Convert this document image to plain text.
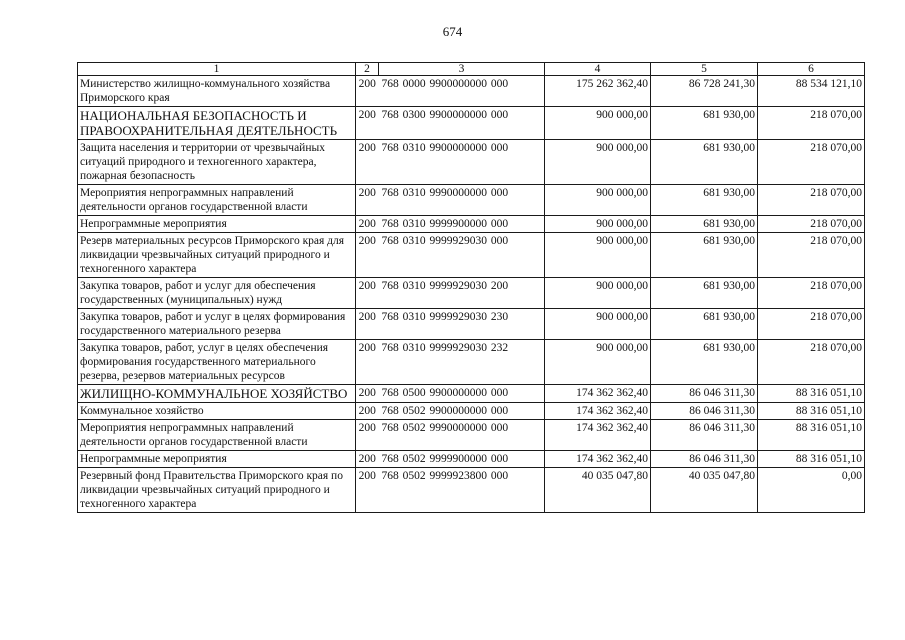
674
1	2	3	4	5	6
Министерство жилищно-коммунального хозяйства Приморского края	200	768 0000 9900000000 000	175 262 362,40	86 728 241,30	88 534 121,10
НАЦИОНАЛЬНАЯ БЕЗОПАСНОСТЬ И ПРАВООХРАНИТЕЛЬНАЯ ДЕЯТЕЛЬНОСТЬ	200	768 0300 9900000000 000	900 000,00	681 930,00	218 070,00
Защита населения и территории от чрезвычайных ситуаций природного и техногенного характера, пожарная безопасность	200	768 0310 9900000000 000	900 000,00	681 930,00	218 070,00
Мероприятия непрограммных направлений деятельности органов государственной власти	200	768 0310 9990000000 000	900 000,00	681 930,00	218 070,00
Непрограммные мероприятия	200	768 0310 9999900000 000	900 000,00	681 930,00	218 070,00
Резерв материальных ресурсов Приморского края для ликвидации чрезвычайных ситуаций природного и техногенного характера	200	768 0310 9999929030 000	900 000,00	681 930,00	218 070,00
Закупка товаров, работ и услуг для обеспечения государственных (муниципальных) нужд	200	768 0310 9999929030 200	900 000,00	681 930,00	218 070,00
Закупка товаров, работ и услуг в целях формирования государственного материального резерва	200	768 0310 9999929030 230	900 000,00	681 930,00	218 070,00
Закупка товаров, работ, услуг в целях обеспечения формирования государственного материального резерва, резервов материальных ресурсов	200	768 0310 9999929030 232	900 000,00	681 930,00	218 070,00
ЖИЛИЩНО-КОММУНАЛЬНОЕ ХОЗЯЙСТВО	200	768 0500 9900000000 000	174 362 362,40	86 046 311,30	88 316 051,10
Коммунальное хозяйство	200	768 0502 9900000000 000	174 362 362,40	86 046 311,30	88 316 051,10
Мероприятия непрограммных направлений деятельности органов государственной власти	200	768 0502 9990000000 000	174 362 362,40	86 046 311,30	88 316 051,10
Непрограммные мероприятия	200	768 0502 9999900000 000	174 362 362,40	86 046 311,30	88 316 051,10
Резервный фонд Правительства Приморского края по ликвидации чрезвычайных ситуаций природного и техногенного характера	200	768 0502 9999923800 000	40 035 047,80	40 035 047,80	0,00
